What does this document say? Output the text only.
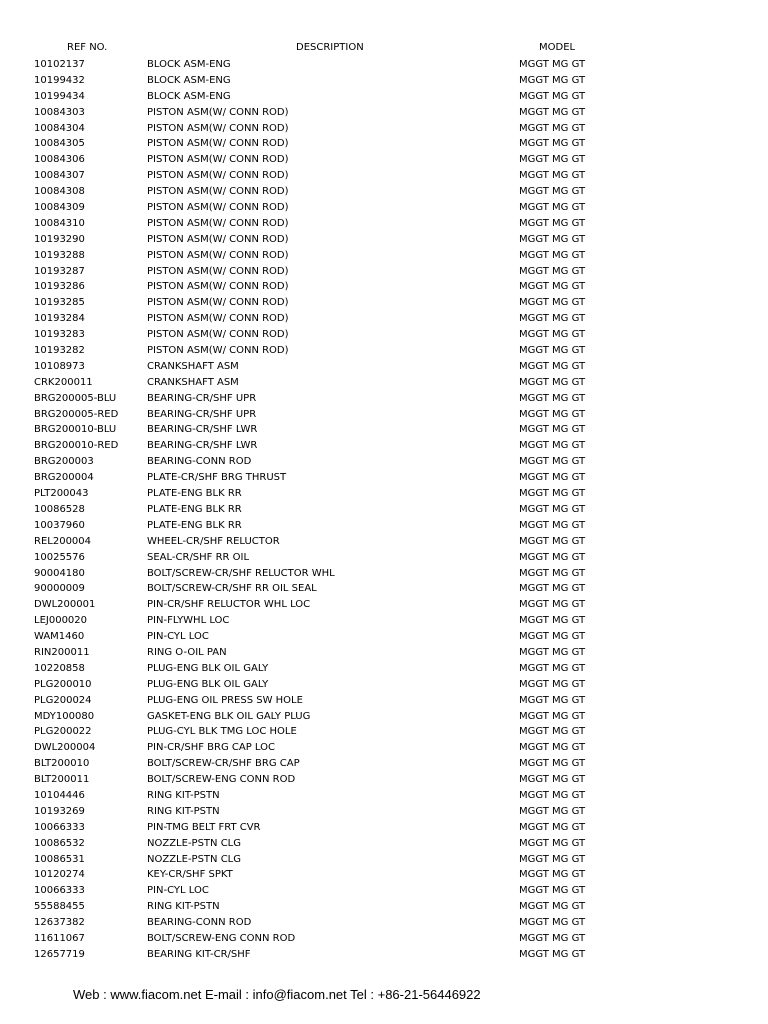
REF NO.	DESCRIPTION	MODEL
10102137	BLOCK ASM-ENG	MGGT MG GT
10199432	BLOCK ASM-ENG	MGGT MG GT
10199434	BLOCK ASM-ENG	MGGT MG GT
10084303	PISTON ASM(W/ CONN ROD)	MGGT MG GT
10084304	PISTON ASM(W/ CONN ROD)	MGGT MG GT
10084305	PISTON ASM(W/ CONN ROD)	MGGT MG GT
10084306	PISTON ASM(W/ CONN ROD)	MGGT MG GT
10084307	PISTON ASM(W/ CONN ROD)	MGGT MG GT
10084308	PISTON ASM(W/ CONN ROD)	MGGT MG GT
10084309	PISTON ASM(W/ CONN ROD)	MGGT MG GT
10084310	PISTON ASM(W/ CONN ROD)	MGGT MG GT
10193290	PISTON ASM(W/ CONN ROD)	MGGT MG GT
10193288	PISTON ASM(W/ CONN ROD)	MGGT MG GT
10193287	PISTON ASM(W/ CONN ROD)	MGGT MG GT
10193286	PISTON ASM(W/ CONN ROD)	MGGT MG GT
10193285	PISTON ASM(W/ CONN ROD)	MGGT MG GT
10193284	PISTON ASM(W/ CONN ROD)	MGGT MG GT
10193283	PISTON ASM(W/ CONN ROD)	MGGT MG GT
10193282	PISTON ASM(W/ CONN ROD)	MGGT MG GT
10108973	CRANKSHAFT ASM	MGGT MG GT
CRK200011	CRANKSHAFT ASM	MGGT MG GT
BRG200005-BLU	BEARING-CR/SHF UPR	MGGT MG GT
BRG200005-RED	BEARING-CR/SHF UPR	MGGT MG GT
BRG200010-BLU	BEARING-CR/SHF LWR	MGGT MG GT
BRG200010-RED	BEARING-CR/SHF LWR	MGGT MG GT
BRG200003	BEARING-CONN ROD	MGGT MG GT
BRG200004	PLATE-CR/SHF BRG THRUST	MGGT MG GT
PLT200043	PLATE-ENG BLK RR	MGGT MG GT
10086528	PLATE-ENG BLK RR	MGGT MG GT
10037960	PLATE-ENG BLK RR	MGGT MG GT
REL200004	WHEEL-CR/SHF RELUCTOR	MGGT MG GT
10025576	SEAL-CR/SHF RR OIL	MGGT MG GT
90004180	BOLT/SCREW-CR/SHF RELUCTOR WHL	MGGT MG GT
90000009	BOLT/SCREW-CR/SHF RR OIL SEAL	MGGT MG GT
DWL200001	PIN-CR/SHF RELUCTOR WHL LOC	MGGT MG GT
LEJ000020	PIN-FLYWHL LOC	MGGT MG GT
WAM1460	PIN-CYL LOC	MGGT MG GT
RIN200011	RING O-OIL PAN	MGGT MG GT
10220858	PLUG-ENG BLK OIL GALY	MGGT MG GT
PLG200010	PLUG-ENG BLK OIL GALY	MGGT MG GT
PLG200024	PLUG-ENG OIL PRESS SW HOLE	MGGT MG GT
MDY100080	GASKET-ENG BLK OIL GALY PLUG	MGGT MG GT
PLG200022	PLUG-CYL BLK TMG LOC HOLE	MGGT MG GT
DWL200004	PIN-CR/SHF BRG CAP LOC	MGGT MG GT
BLT200010	BOLT/SCREW-CR/SHF BRG CAP	MGGT MG GT
BLT200011	BOLT/SCREW-ENG CONN ROD	MGGT MG GT
10104446	RING KIT-PSTN	MGGT MG GT
10193269	RING KIT-PSTN	MGGT MG GT
10066333	PIN-TMG BELT FRT CVR	MGGT MG GT
10086532	NOZZLE-PSTN CLG	MGGT MG GT
10086531	NOZZLE-PSTN CLG	MGGT MG GT
10120274	KEY-CR/SHF SPKT	MGGT MG GT
10066333	PIN-CYL LOC	MGGT MG GT
55588455	RING KIT-PSTN	MGGT MG GT
12637382	BEARING-CONN ROD	MGGT MG GT
11611067	BOLT/SCREW-ENG CONN ROD	MGGT MG GT
12657719	BEARING KIT-CR/SHF	MGGT MG GT
Web : www.fiacom.net E-mail : info@fiacom.net Tel : +86-21-56446922
